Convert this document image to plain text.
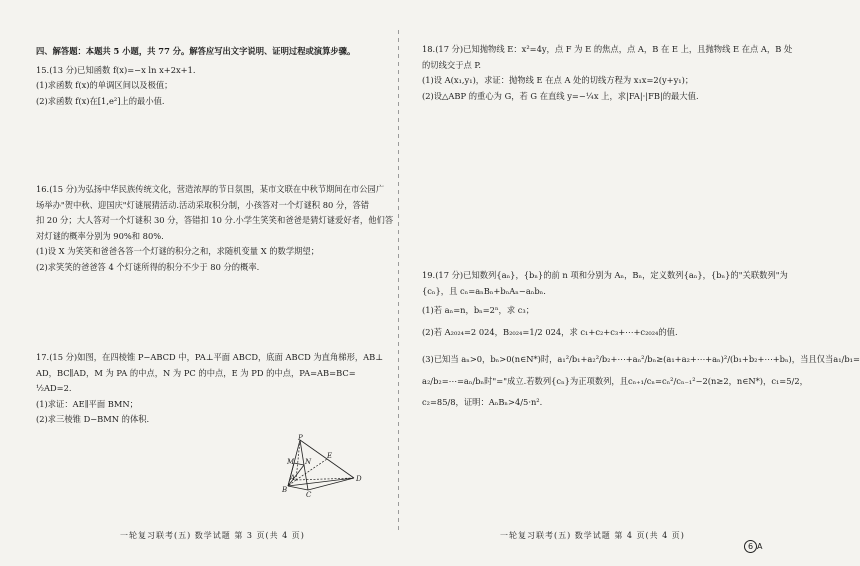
四、解答题：本题共 5 小题，共 77 分。解答应写出文字说明、证明过程或演算步骤。

15.(13 分)已知函数 f(x)=−x ln x+2x+1.

(1)求函数 f(x)的单调区间以及极值；

(2)求函数 f(x)在[1,e²]上的最小值.

16.(15 分)为弘扬中华民族传统文化，营造浓厚的节日氛围，某市文联在中秋节期间在市公园广

场举办"贺中秋、迎国庆"灯谜展猜活动.活动采取积分制，小孩答对一个灯谜积 80 分，答错

扣 20 分；大人答对一个灯谜积 30 分，答错扣 10 分.小学生笑笑和爸爸是猜灯谜爱好者，他们答

对灯谜的概率分别为 90%和 80%.

(1)设 X 为笑笑和爸爸各答一个灯谜的积分之和，求随机变量 X 的数学期望；

(2)求笑笑的爸爸答 4 个灯谜所得的积分不少于 80 分的概率.

17.(15 分)如图，在四棱锥 P−ABCD 中，PA⊥平面 ABCD，底面 ABCD 为直角梯形，AB⊥

AD，BC∥AD，M 为 PA 的中点，N 为 PC 的中点，E 为 PD 的中点，PA=AB=BC=

½AD=2.

(1)求证：AE∥平面 BMN；

(2)求三棱锥 D−BMN 的体积.

P
M N
E
A	D
B
C
一轮复习联考(五) 数学试题 第 3 页(共 4 页)

18.(17 分)已知抛物线 E：x²=4y，点 F 为 E 的焦点，点 A，B 在 E 上，且抛物线 E 在点 A，B 处

的切线交于点 P.

(1)设 A(x₁,y₁)，求证：抛物线 E 在点 A 处的切线方程为 x₁x=2(y+y₁)；

(2)设△ABP 的重心为 G，若 G 在直线 y=−¼x 上，求|FA|·|FB|的最大值.

19.(17 分)已知数列{aₙ}，{bₙ}的前 n 项和分别为 Aₙ，Bₙ，定义数列{aₙ}，{bₙ}的"关联数列"为

{cₙ}，且 cₙ=aₙBₙ+bₙAₙ−aₙbₙ.

(1)若 aₙ=n，bₙ=2ⁿ，求 c₃；

(2)若 A₂₀₂₄=2 024，B₂₀₂₄=1/2 024，求 c₁+c₂+c₃+⋯+c₂₀₂₄的值.

(3)已知当 aₙ>0，bₙ>0(n∈N*)时，a₁²/b₁+a₂²/b₂+⋯+aₙ²/bₙ≥(a₁+a₂+⋯+aₙ)²/(b₁+b₂+⋯+bₙ)，当且仅当a₁/b₁=

a₂/b₂=⋯=aₙ/bₙ时"="成立.若数列{cₙ}为正项数列，且cₙ₊₁/cₙ=cₙ²/cₙ₋₁²−2(n≥2，n∈N*)，c₁=5/2，

c₂=85/8，证明：AₙBₙ>4/5·n².

一轮复习联考(五) 数学试题 第 4 页(共 4 页)
6 A
